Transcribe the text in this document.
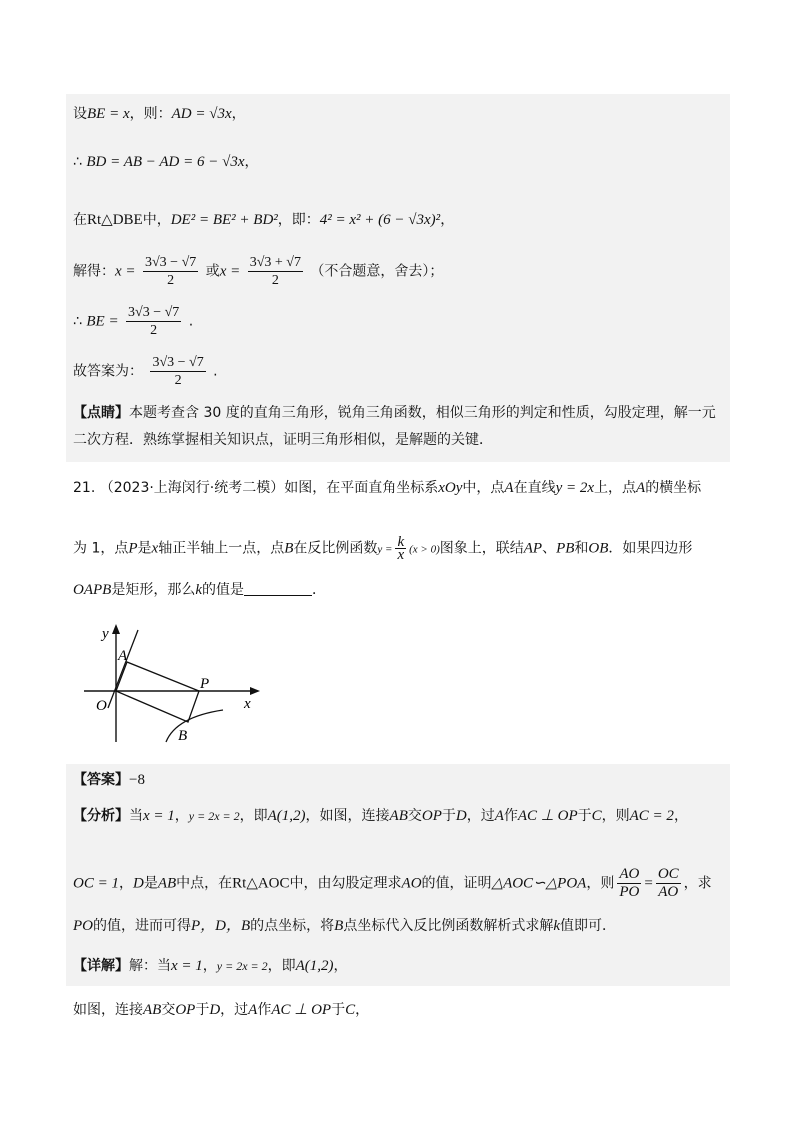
设BE = x，则：AD = √3x，
∴ BD = AB − AD = 6 − √3x，
在Rt△DBE中，DE² = BE² + BD²，即：4² = x² + (6 − √3x)²，
解得：$x = \frac{3√3 - √7}{2}$ 或$x = \frac{3√3 + √7}{2}$ （不合题意，舍去）；
∴ BE = $\frac{3√3 - √7}{2}$ .
故答案为： $\frac{3√3 - √7}{2}$ .
【点睛】本题考查含 30 度的直角三角形，锐角三角函数，相似三角形的判定和性质，勾股定理，解一元二次方程．熟练掌握相关知识点，证明三角形相似，是解题的关键．
21. （2023·上海闵行·统考二模）如图，在平面直角坐标系xOy中，点A在直线y = 2x上，点A的横坐标
为 1，点P是x轴正半轴上一点，点B在反比例函数$y = \frac{k}{x} (x > 0)$图象上，联结AP、PB和OB．如果四边形
OAPB是矩形，那么k的值是	．
y
x
O
A
P
B
【答案】−8
【分析】当x = 1，y = 2x = 2，即A(1,2)，如图，连接AB交OP于D，过A作AC ⊥ OP于C，则AC = 2，
OC = 1，D是AB中点，在Rt△AOC中，由勾股定理求AO的值，证明△AOC∽△POA，则 $\frac{AO}{PO} = \frac{OC}{AO}$ ，求
PO的值，进而可得P，D，B的点坐标，将B点坐标代入反比例函数解析式求解k值即可．
【详解】解：当x = 1，y = 2x = 2，即A(1,2)，
如图，连接AB交OP于D，过A作AC ⊥ OP于C，
